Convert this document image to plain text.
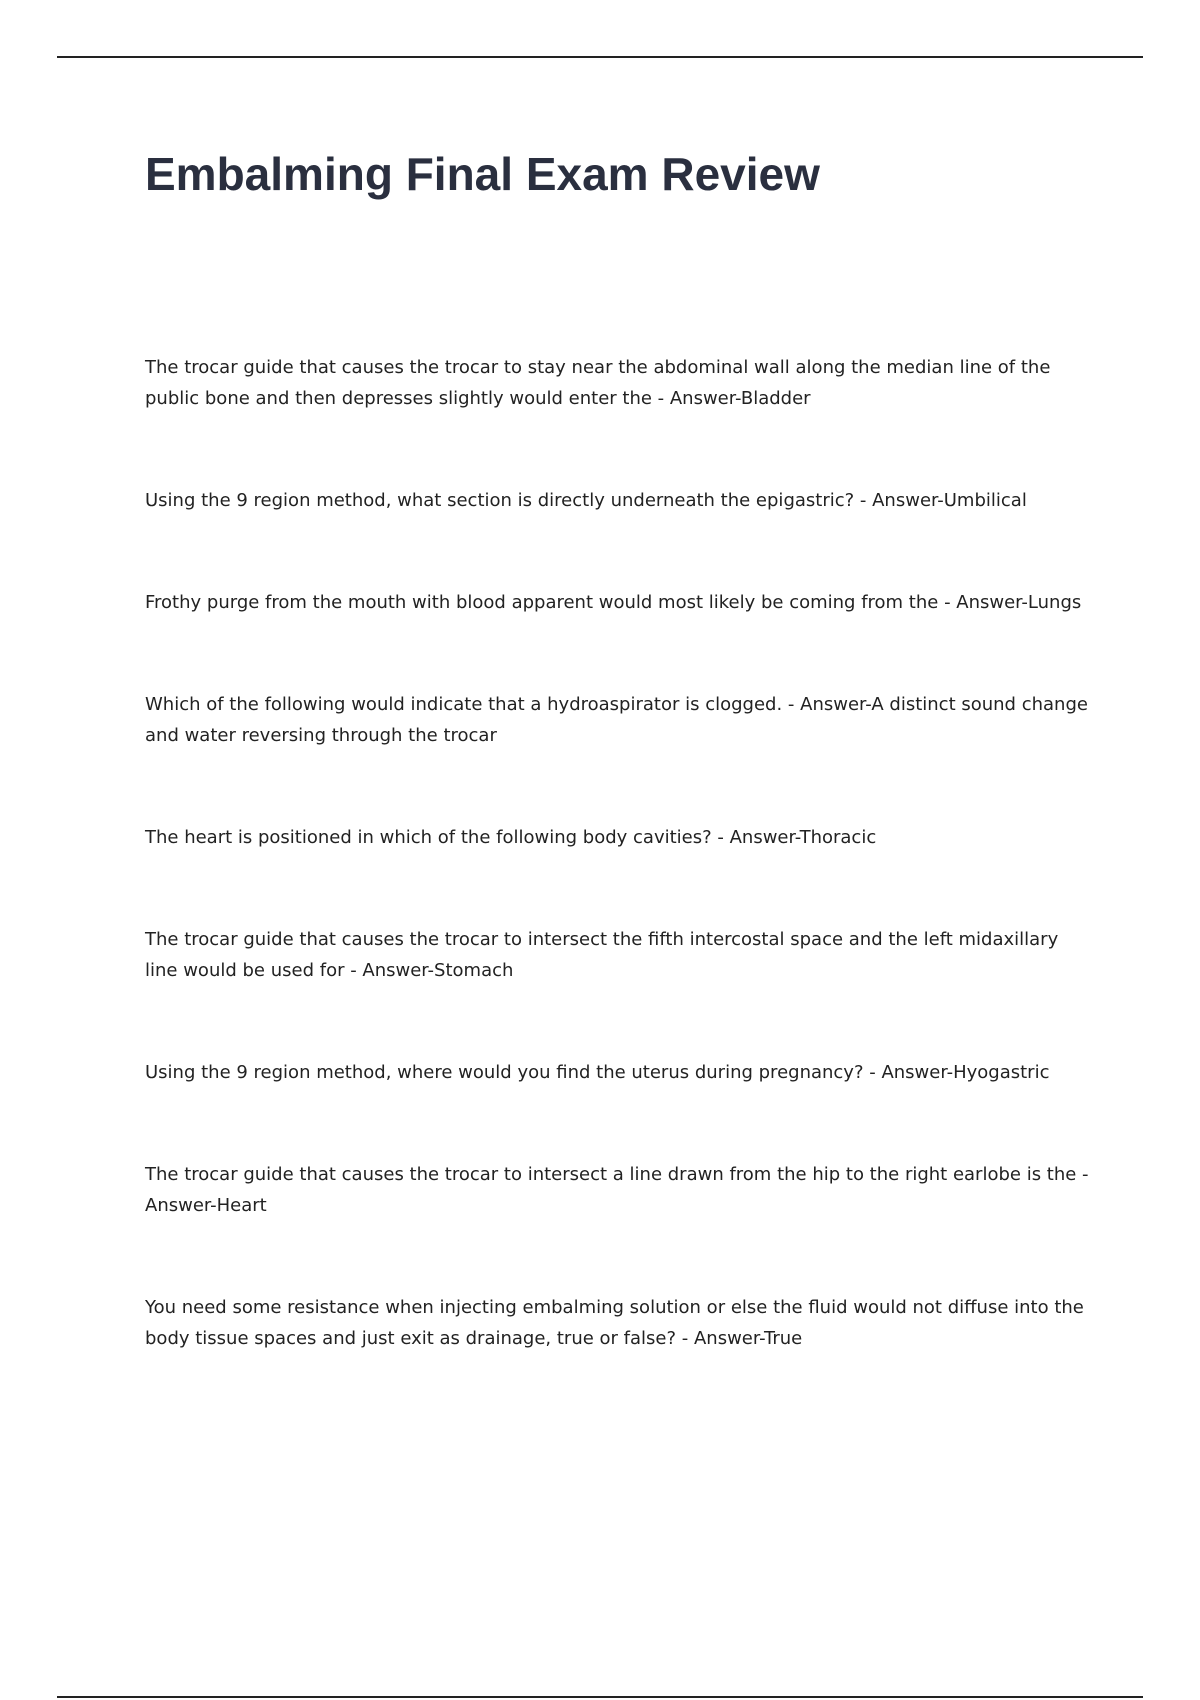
Embalming Final Exam Review

The trocar guide that causes the trocar to stay near the abdominal wall along the median line of the public bone and then depresses slightly would enter the - Answer-Bladder

Using the 9 region method, what section is directly underneath the epigastric? - Answer-Umbilical

Frothy purge from the mouth with blood apparent would most likely be coming from the - Answer-Lungs

Which of the following would indicate that a hydroaspirator is clogged. - Answer-A distinct sound change and water reversing through the trocar

The heart is positioned in which of the following body cavities? - Answer-Thoracic

The trocar guide that causes the trocar to intersect the fifth intercostal space and the left midaxillary line would be used for - Answer-Stomach

Using the 9 region method, where would you find the uterus during pregnancy? - Answer-Hyogastric

The trocar guide that causes the trocar to intersect a line drawn from the hip to the right earlobe is the - Answer-Heart

You need some resistance when injecting embalming solution or else the fluid would not diffuse into the body tissue spaces and just exit as drainage, true or false? - Answer-True
